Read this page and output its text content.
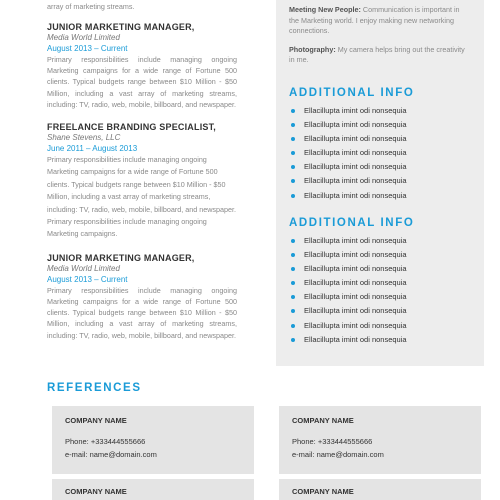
array of marketing streams.
JUNIOR MARKETING MANAGER,
Media World Limited
August 2013 – Current
Primary responsibilities include managing ongoing Marketing campaigns for a wide range of Fortune 500 clients. Typical budgets range between $10 Million - $50 Million, including a vast array of marketing streams, including: TV, radio, web, mobile, billboard, and newspaper.
FREELANCE BRANDING SPECIALIST,
Shane Stevens, LLC
June 2011 – August 2013
Primary responsibilities include managing ongoing Marketing campaigns for a wide range of Fortune 500 clients. Typical budgets range between $10 Million - $50 Million, including a vast array of marketing streams, including: TV, radio, web, mobile, billboard, and newspaper. Primary responsibilities include managing ongoing Marketing campaigns.
JUNIOR MARKETING MANAGER,
Media World Limited
August 2013 – Current
Primary responsibilities include managing ongoing Marketing campaigns for a wide range of Fortune 500 clients. Typical budgets range between $10 Million - $50 Million, including a vast array of marketing streams, including: TV, radio, web, mobile, billboard, and newspaper.
Meeting New People: Communication is important in the Marketing world. I enjoy making new networking connections.
Photography: My camera helps bring out the creativity in me.
ADDITIONAL INFO
Ellacillupta imint odi nonsequia
Ellacillupta imint odi nonsequia
Ellacillupta imint odi nonsequia
Ellacillupta imint odi nonsequia
Ellacillupta imint odi nonsequia
Ellacillupta imint odi nonsequia
Ellacillupta imint odi nonsequia
ADDITIONAL INFO
Ellacillupta imint odi nonsequia
Ellacillupta imint odi nonsequia
Ellacillupta imint odi nonsequia
Ellacillupta imint odi nonsequia
Ellacillupta imint odi nonsequia
Ellacillupta imint odi nonsequia
Ellacillupta imint odi nonsequia
Ellacillupta imint odi nonsequia
REFERENCES
COMPANY NAME
Phone: +333444555666
e-mail: name@domain.com
COMPANY NAME
Phone: +333444555666
e-mail: name@domain.com
COMPANY NAME	COMPANY NAME
